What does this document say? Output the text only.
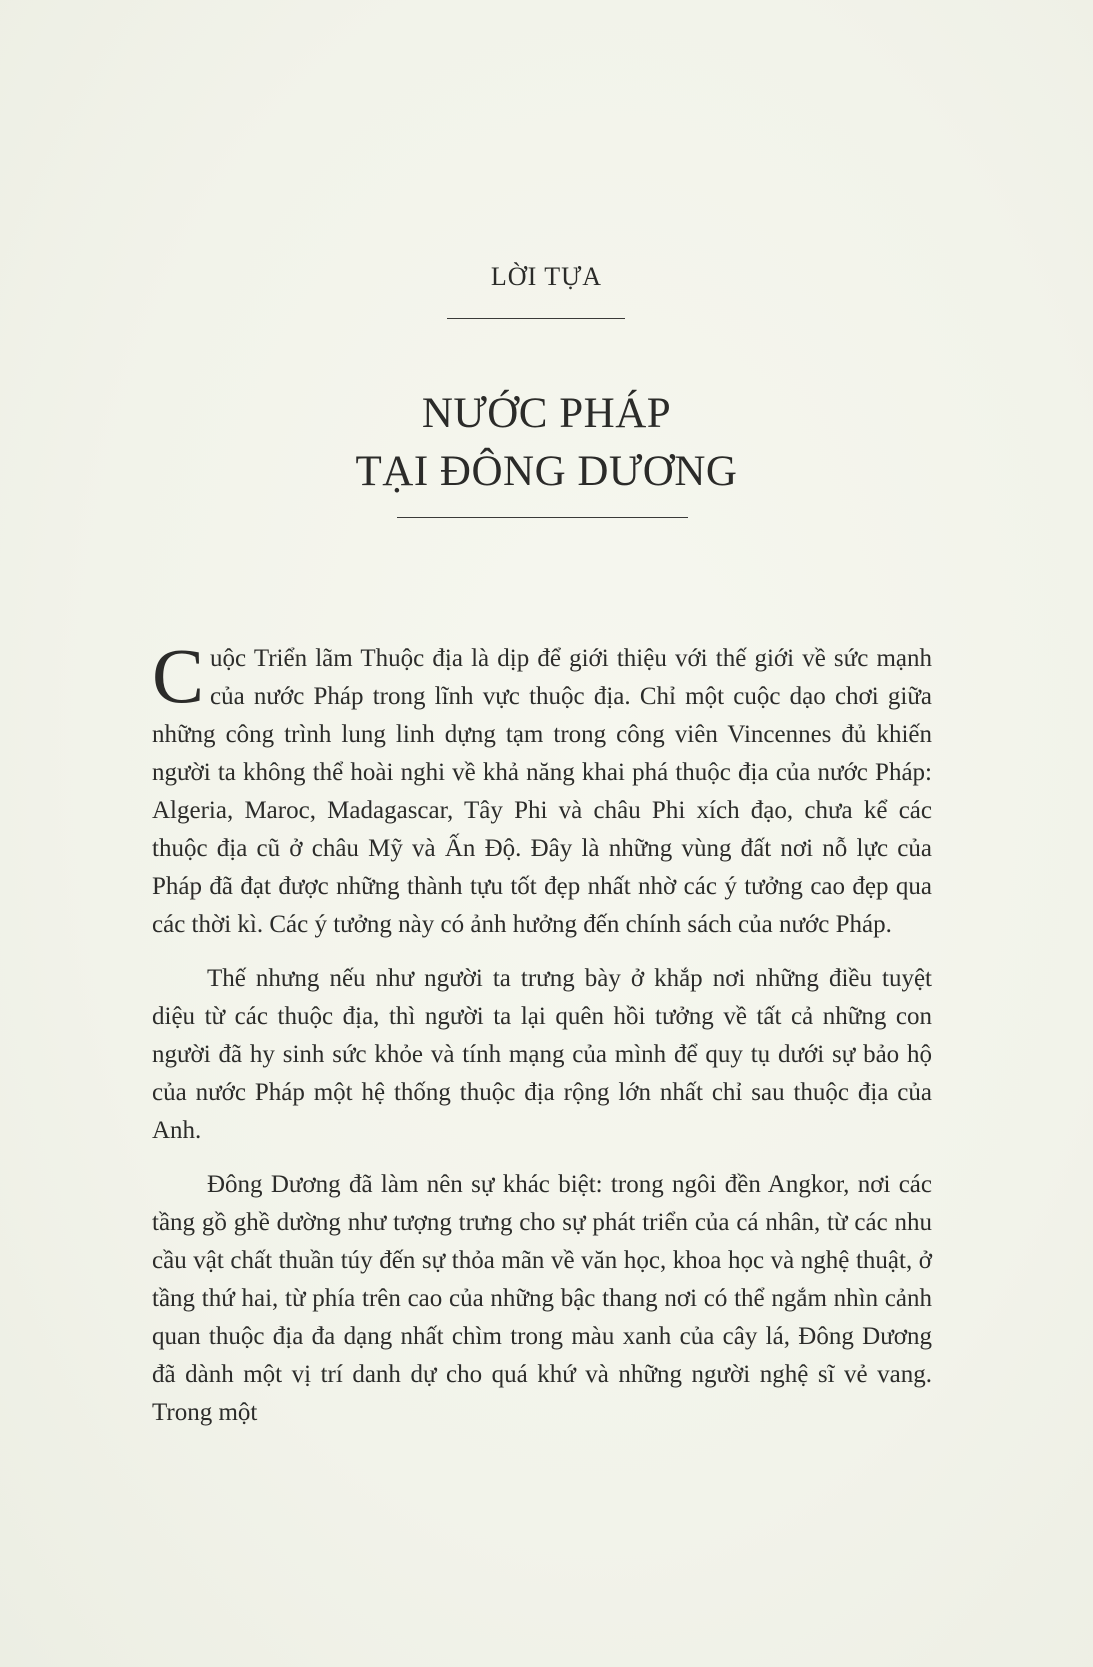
LỜI TỰA
NƯỚC PHÁP
TẠI ĐÔNG DƯƠNG

Cuộc Triển lãm Thuộc địa là dịp để giới thiệu với thế giới về sức mạnh của nước Pháp trong lĩnh vực thuộc địa. Chỉ một cuộc dạo chơi giữa những công trình lung linh dựng tạm trong công viên Vincennes đủ khiến người ta không thể hoài nghi về khả năng khai phá thuộc địa của nước Pháp: Algeria, Maroc, Madagascar, Tây Phi và châu Phi xích đạo, chưa kể các thuộc địa cũ ở châu Mỹ và Ấn Độ. Đây là những vùng đất nơi nỗ lực của Pháp đã đạt được những thành tựu tốt đẹp nhất nhờ các ý tưởng cao đẹp qua các thời kì. Các ý tưởng này có ảnh hưởng đến chính sách của nước Pháp.

Thế nhưng nếu như người ta trưng bày ở khắp nơi những điều tuyệt diệu từ các thuộc địa, thì người ta lại quên hồi tưởng về tất cả những con người đã hy sinh sức khỏe và tính mạng của mình để quy tụ dưới sự bảo hộ của nước Pháp một hệ thống thuộc địa rộng lớn nhất chỉ sau thuộc địa của Anh.

Đông Dương đã làm nên sự khác biệt: trong ngôi đền Angkor, nơi các tầng gồ ghề dường như tượng trưng cho sự phát triển của cá nhân, từ các nhu cầu vật chất thuần túy đến sự thỏa mãn về văn học, khoa học và nghệ thuật, ở tầng thứ hai, từ phía trên cao của những bậc thang nơi có thể ngắm nhìn cảnh quan thuộc địa đa dạng nhất chìm trong màu xanh của cây lá, Đông Dương đã dành một vị trí danh dự cho quá khứ và những người nghệ sĩ vẻ vang. Trong một
